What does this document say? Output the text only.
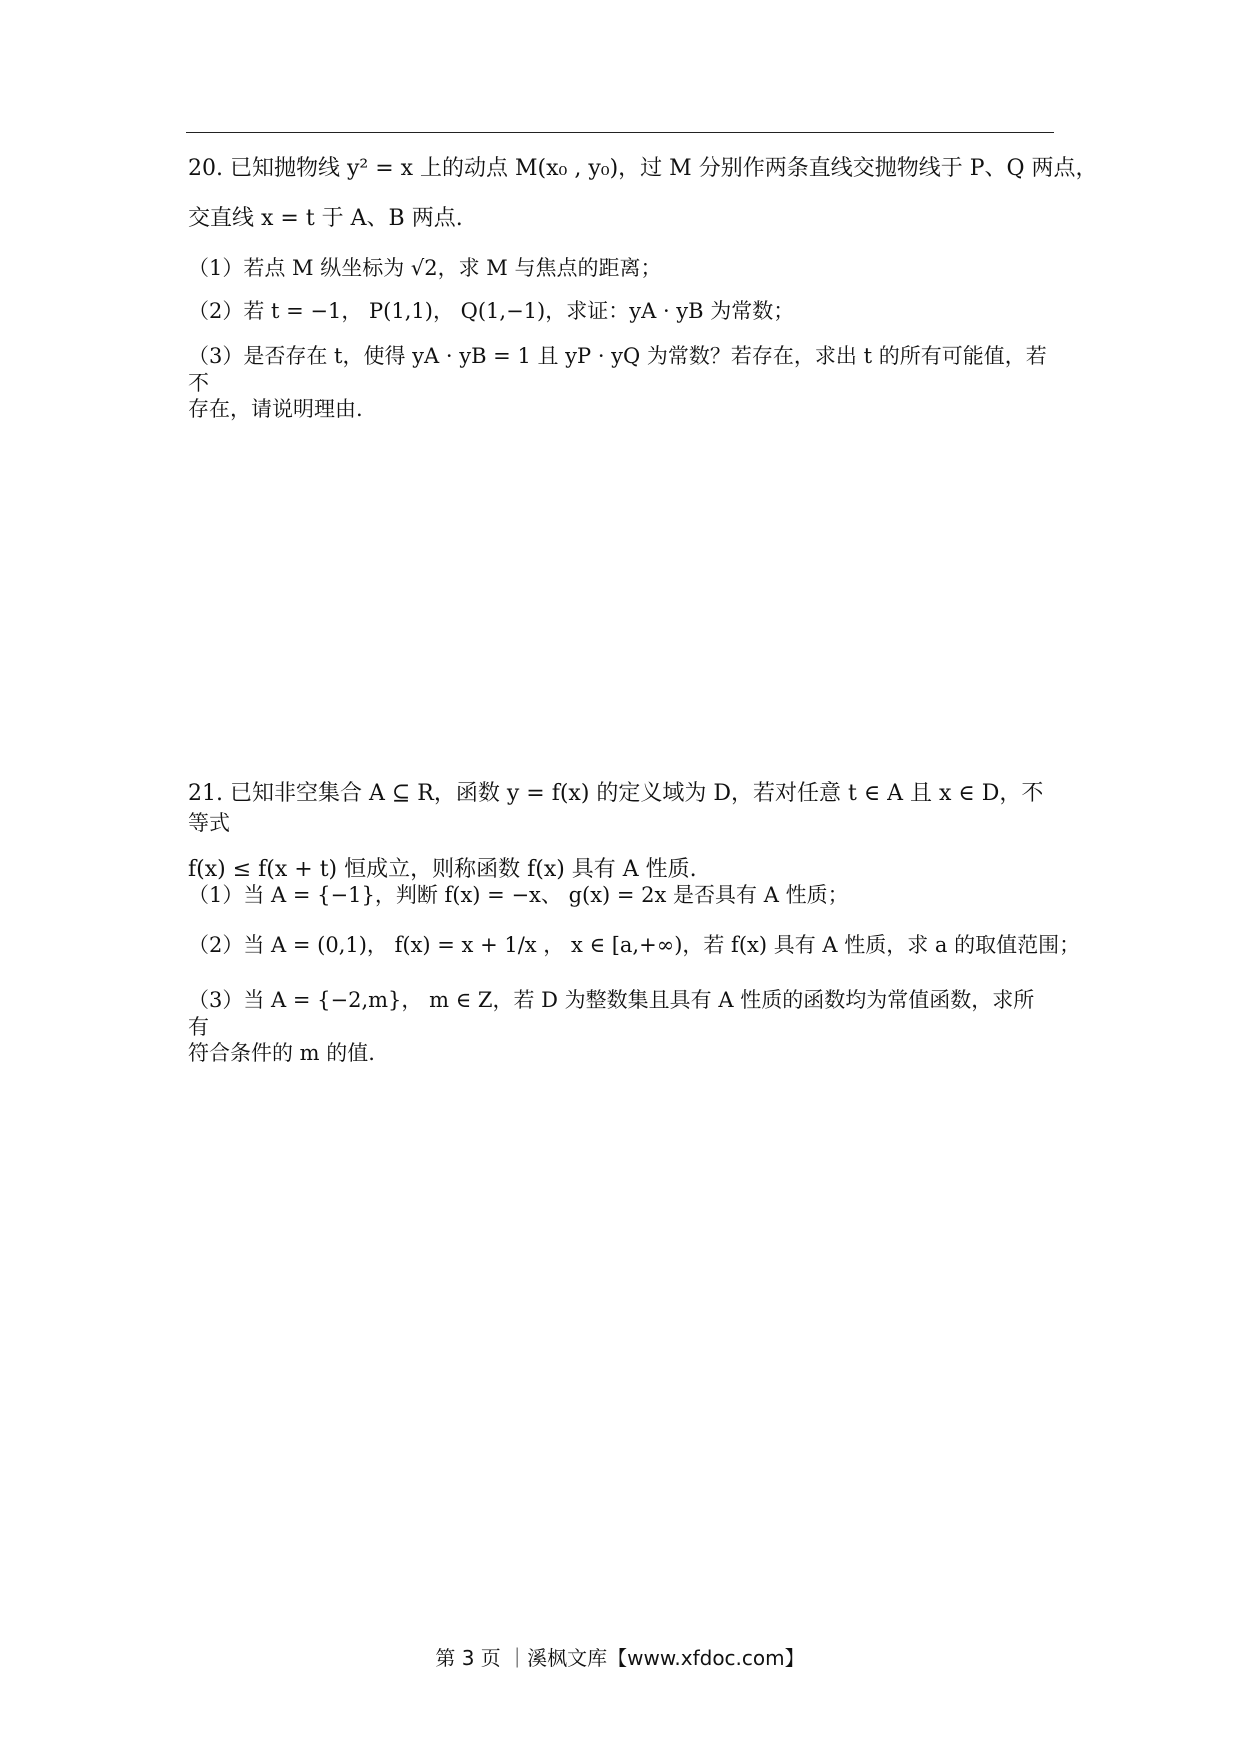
20. 已知抛物线 y² = x 上的动点 M(x₀ , y₀)，过 M 分别作两条直线交抛物线于 P、Q 两点，
交直线 x = t 于 A、B 两点.
（1）若点 M 纵坐标为 √2，求 M 与焦点的距离；
（2）若 t = −1， P(1,1)， Q(1,−1)，求证：yA · yB 为常数；
（3）是否存在 t，使得 yA · yB = 1 且 yP · yQ 为常数？若存在，求出 t 的所有可能值，若
不
存在，请说明理由.
21. 已知非空集合 A ⊆ R，函数 y = f(x) 的定义域为 D，若对任意 t ∈ A 且 x ∈ D，不
等式
f(x) ≤ f(x + t) 恒成立，则称函数 f(x) 具有 A 性质.
（1）当 A = {−1}，判断 f(x) = −x、 g(x) = 2x 是否具有 A 性质；
（2）当 A = (0,1)， f(x) = x + 1/x ， x ∈ [a,+∞)，若 f(x) 具有 A 性质，求 a 的取值范围；
（3）当 A = {−2,m}， m ∈ Z，若 D 为整数集且具有 A 性质的函数均为常值函数，求所
有
符合条件的 m 的值.
第 3 页 ｜溪枫文库【www.xfdoc.com】
